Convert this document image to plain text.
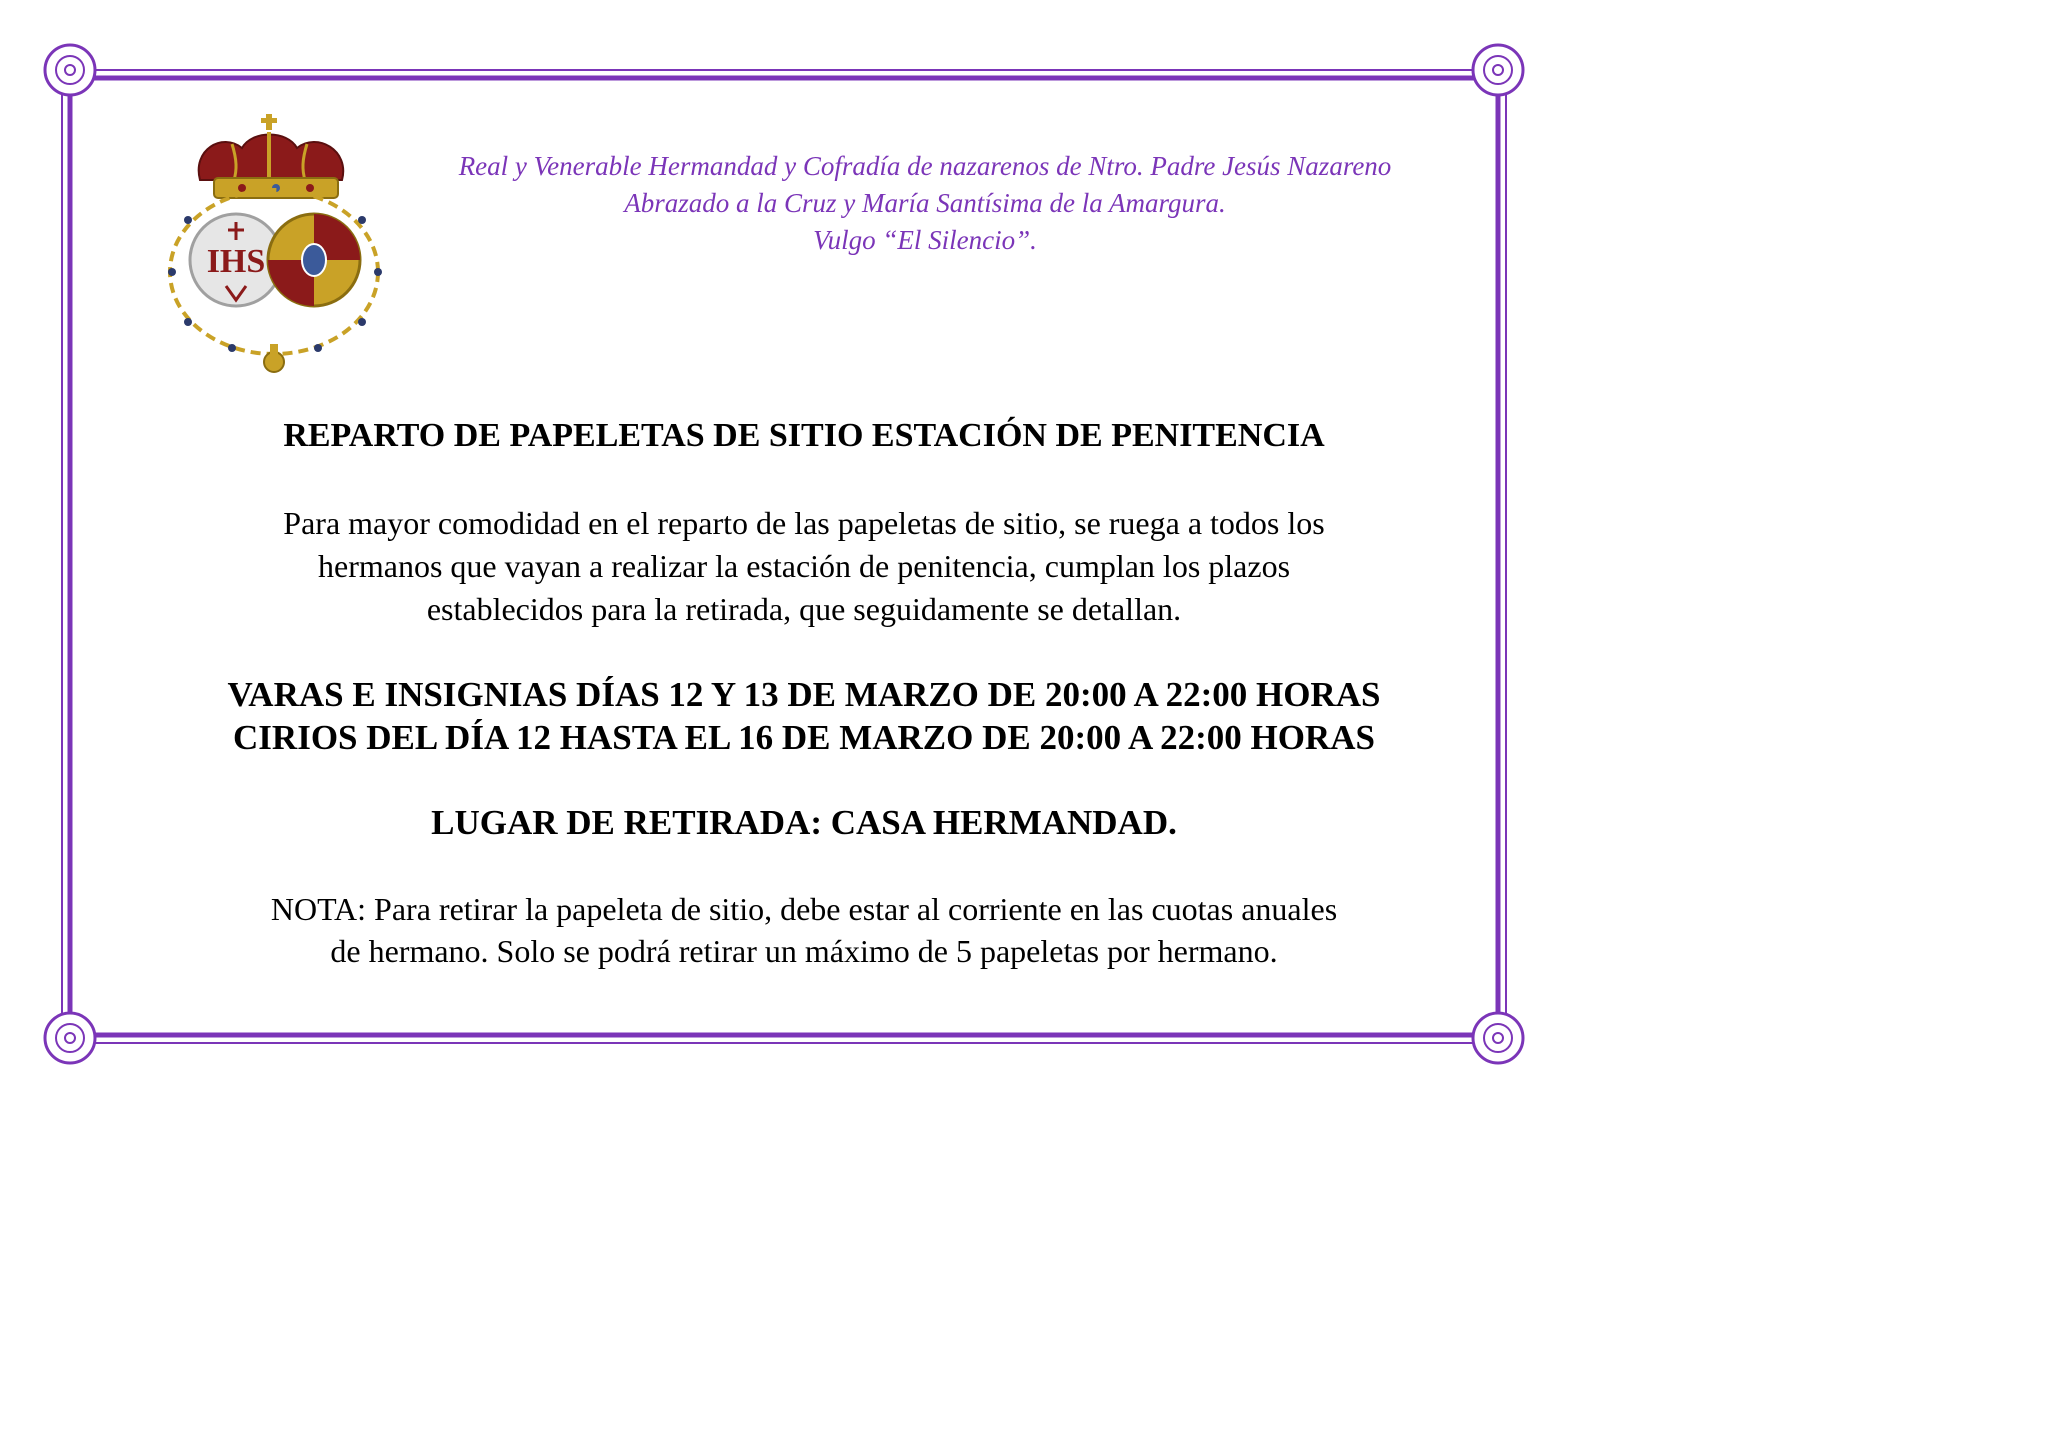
IHS
Real y Venerable Hermandad y Cofradía de nazarenos de Ntro. Padre Jesús Nazareno
Abrazado a la Cruz y María Santísima de la Amargura.
Vulgo “El Silencio”.
REPARTO DE PAPELETAS DE SITIO ESTACIÓN DE PENITENCIA
Para mayor comodidad en el reparto de las papeletas de sitio, se ruega a todos los
hermanos que vayan a realizar la estación de penitencia, cumplan los plazos
establecidos para la retirada, que seguidamente se detallan.
VARAS E INSIGNIAS DÍAS 12 Y 13 DE MARZO DE 20:00 A 22:00 HORAS
CIRIOS DEL DÍA 12 HASTA EL 16 DE MARZO DE 20:00 A 22:00 HORAS
LUGAR DE RETIRADA: CASA HERMANDAD.
NOTA: Para retirar la papeleta de sitio, debe estar al corriente en las cuotas anuales
de hermano. Solo se podrá retirar un máximo de 5 papeletas por hermano.
